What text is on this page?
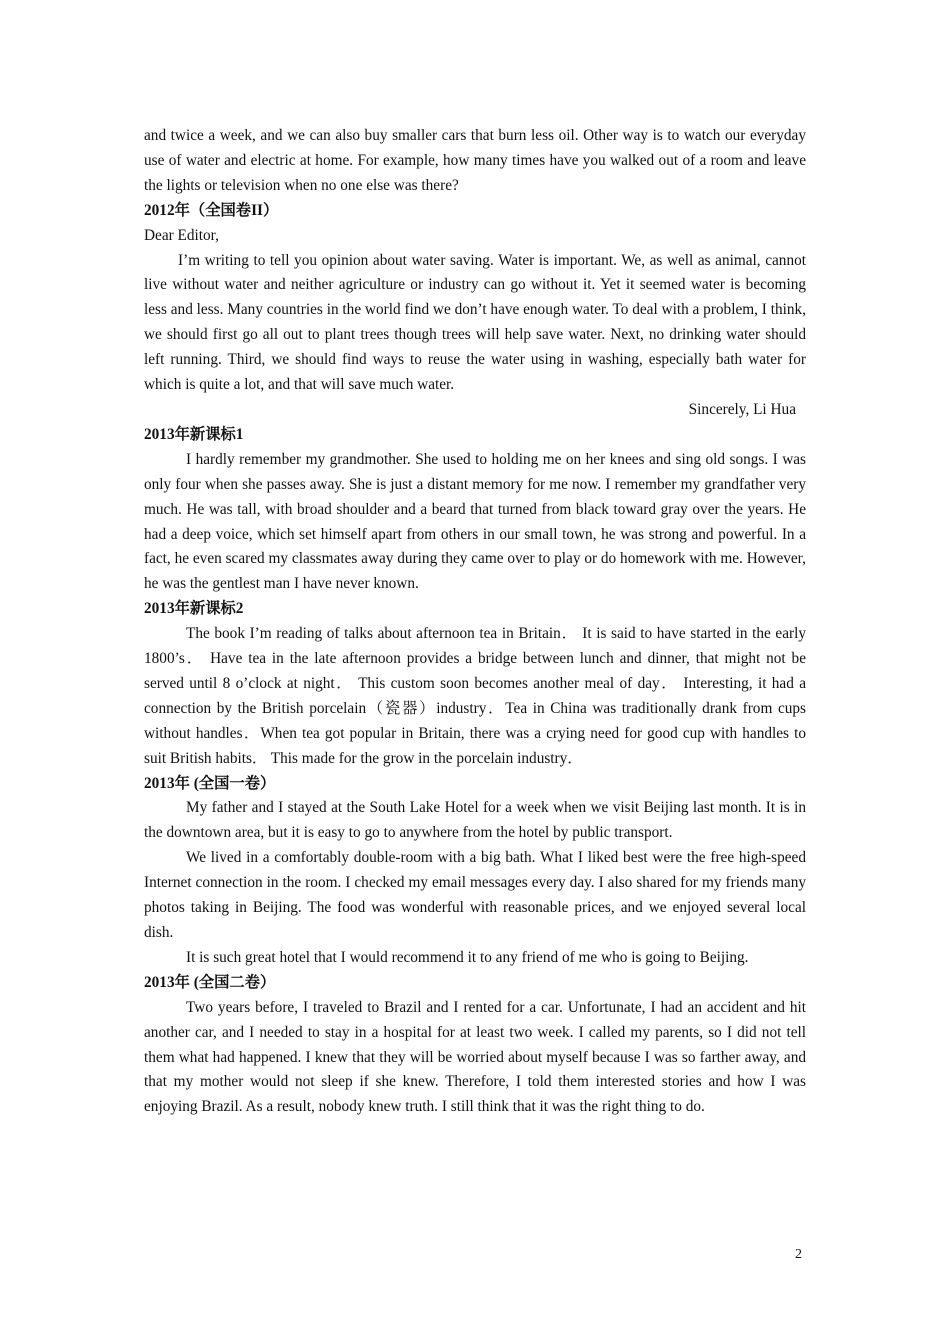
and twice a week, and we can also buy smaller cars that burn less oil. Other way is to watch our everyday use of water and electric at home. For example, how many times have you walked out of a room and leave the lights or television when no one else was there?

2012年（全国卷II）

Dear Editor,

I’m writing to tell you opinion about water saving. Water is important. We, as well as animal, cannot live without water and neither agriculture or industry can go without it. Yet it seemed water is becoming less and less. Many countries in the world find we don’t have enough water. To deal with a problem, I think, we should first go all out to plant trees though trees will help save water. Next, no drinking water should left running. Third, we should find ways to reuse the water using in washing, especially bath water for which is quite a lot, and that will save much water.

Sincerely, Li Hua

2013年新课标1

I hardly remember my grandmother. She used to holding me on her knees and sing old songs. I was only four when she passes away. She is just a distant memory for me now. I remember my grandfather very much. He was tall, with broad shoulder and a beard that turned from black toward gray over the years. He had a deep voice, which set himself apart from others in our small town, he was strong and powerful. In a fact, he even scared my classmates away during they came over to play or do homework with me. However, he was the gentlest man I have never known.

2013年新课标2

The book I’m reading of talks about afternoon tea in Britain． It is said to have started in the early 1800’s． Have tea in the late afternoon provides a bridge between lunch and dinner, that might not be served until 8 o’clock at night． This custom soon becomes another meal of day． Interesting, it had a connection by the British porcelain（瓷器）industry．Tea in China was traditionally drank from cups without handles．When tea got popular in Britain, there was a crying need for good cup with handles to suit British habits． This made for the grow in the porcelain industry．

2013年 (全国一卷）

My father and I stayed at the South Lake Hotel for a week when we visit Beijing last month. It is in the downtown area, but it is easy to go to anywhere from the hotel by public transport.

We lived in a comfortably double-room with a big bath. What I liked best were the free high-speed Internet connection in the room. I checked my email messages every day. I also shared for my friends many photos taking in Beijing. The food was wonderful with reasonable prices, and we enjoyed several local dish.

It is such great hotel that I would recommend it to any friend of me who is going to Beijing.

2013年 (全国二卷）

Two years before, I traveled to Brazil and I rented for a car. Unfortunate, I had an accident and hit another car, and I needed to stay in a hospital for at least two week. I called my parents, so I did not tell them what had happened. I knew that they will be worried about myself because I was so farther away, and that my mother would not sleep if she knew. Therefore, I told them interested stories and how I was enjoying Brazil. As a result, nobody knew truth. I still think that it was the right thing to do.

2
